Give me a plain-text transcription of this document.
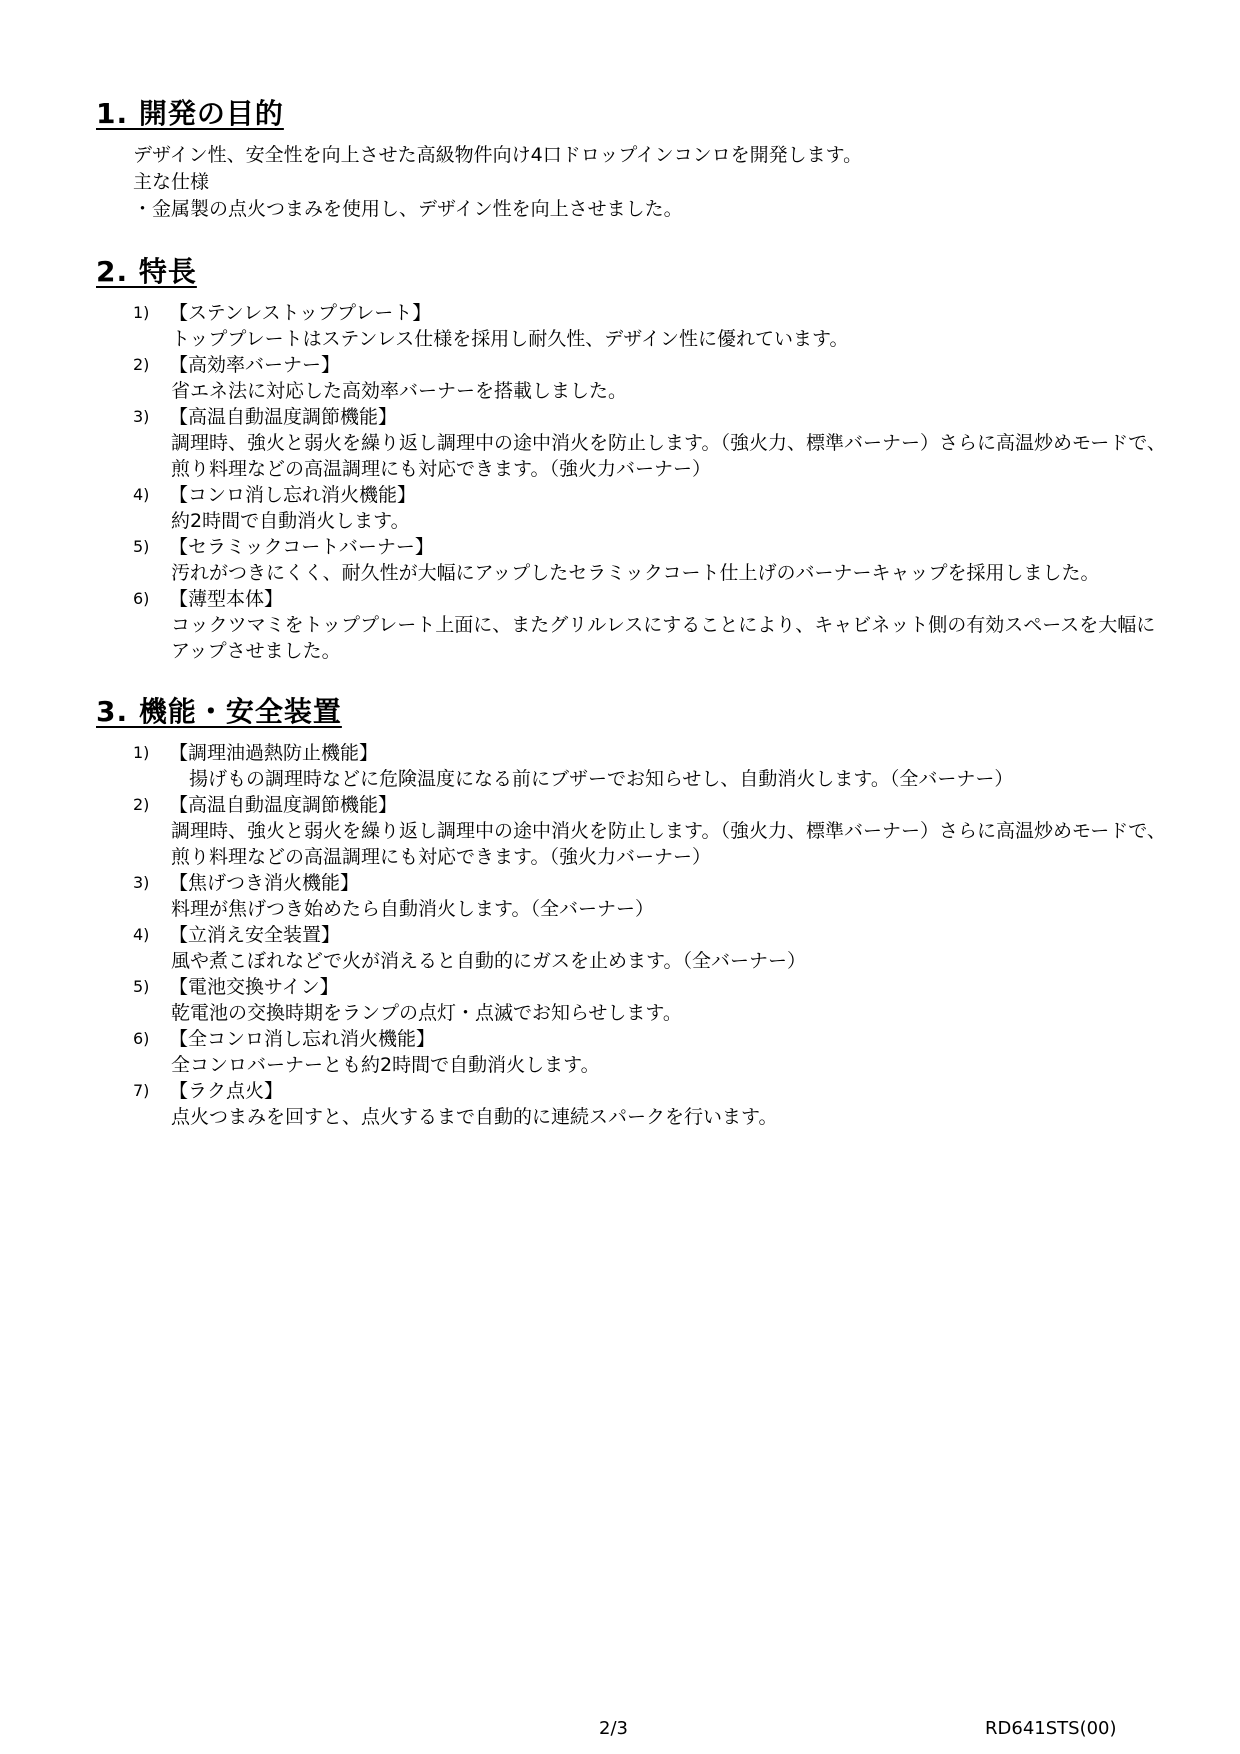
1. 開発の目的

デザイン性、安全性を向上させた高級物件向け4口ドロップインコンロを開発します。

主な仕様

・金属製の点火つまみを使用し、デザイン性を向上させました。

2. 特長
1)	【ステンレストッププレート】
トッププレートはステンレス仕様を採用し耐久性、デザイン性に優れています。
2)	【高効率バーナー】
省エネ法に対応した高効率バーナーを搭載しました。
3)	【高温自動温度調節機能】
調理時、強火と弱火を繰り返し調理中の途中消火を防止します。（強火力、標準バーナー）さらに高温炒めモードで、煎り料理などの高温調理にも対応できます。（強火力バーナー）
4)	【コンロ消し忘れ消火機能】
約2時間で自動消火します。
5)	【セラミックコートバーナー】
汚れがつきにくく、耐久性が大幅にアップしたセラミックコート仕上げのバーナーキャップを採用しました。
6)	【薄型本体】
コックツマミをトッププレート上面に、またグリルレスにすることにより、キャビネット側の有効スペースを大幅にアップさせました。
3. 機能・安全装置
1)	【調理油過熱防止機能】
揚げもの調理時などに危険温度になる前にブザーでお知らせし、自動消火します。（全バーナー）
2)	【高温自動温度調節機能】
調理時、強火と弱火を繰り返し調理中の途中消火を防止します。（強火力、標準バーナー）さらに高温炒めモードで、煎り料理などの高温調理にも対応できます。（強火力バーナー）
3)	【焦げつき消火機能】
料理が焦げつき始めたら自動消火します。（全バーナー）
4)	【立消え安全装置】
風や煮こぼれなどで火が消えると自動的にガスを止めます。（全バーナー）
5)	【電池交換サイン】
乾電池の交換時期をランプの点灯・点滅でお知らせします。
6)	【全コンロ消し忘れ消火機能】
全コンロバーナーとも約2時間で自動消火します。
7)	【ラク点火】
点火つまみを回すと、点火するまで自動的に連続スパークを行います。
2/3	RD641STS(00)
